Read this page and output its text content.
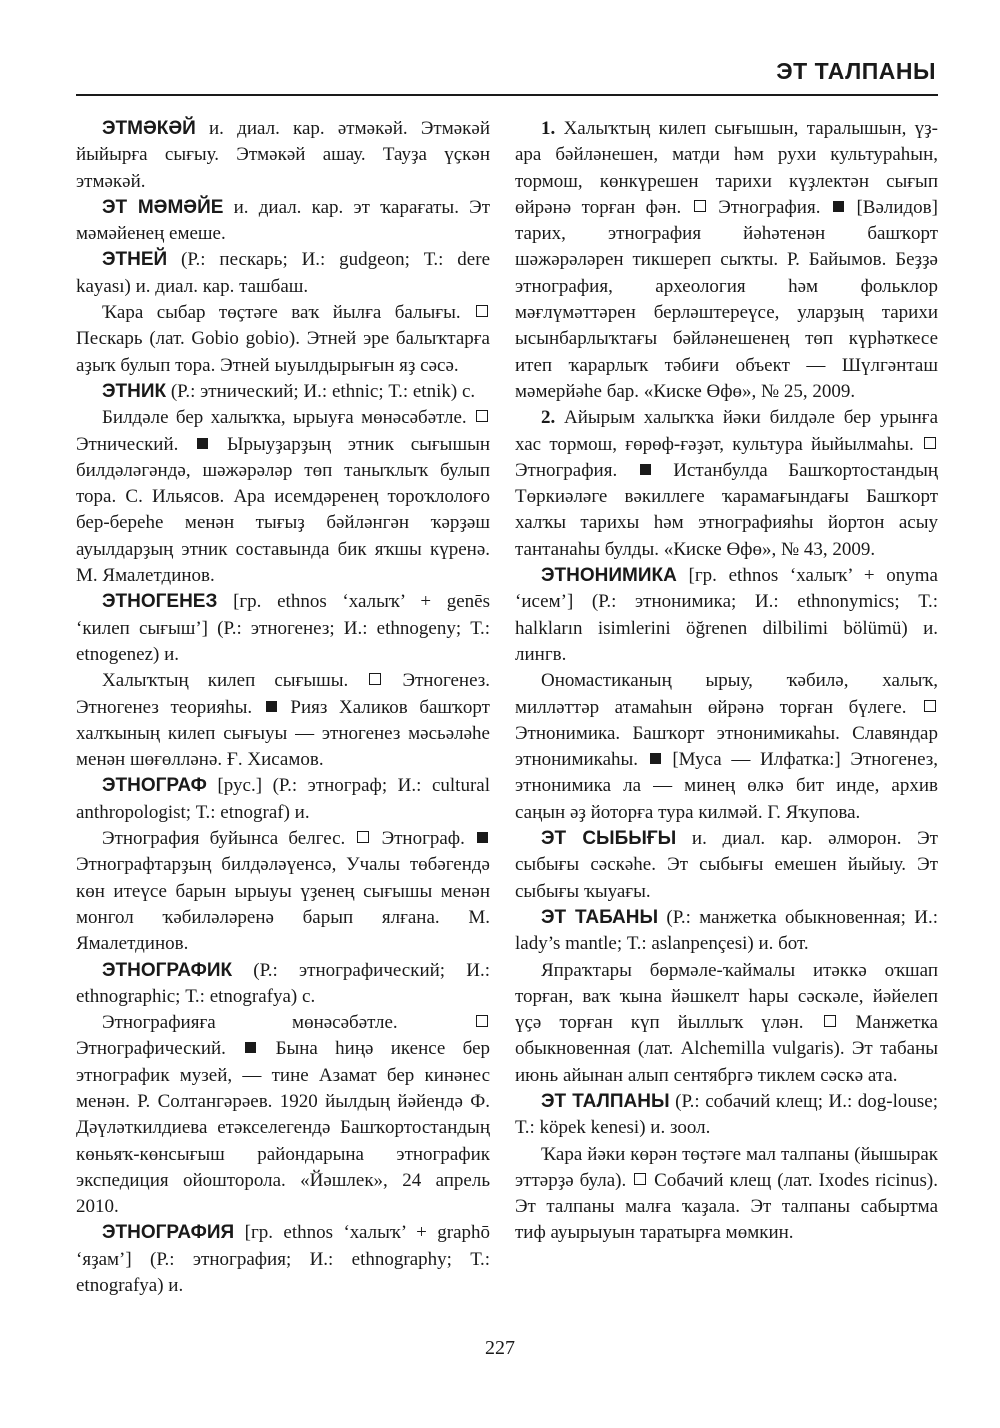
ЭТ ТАЛПАНЫ

ЭТМӘКӘЙ и. диал. кар. әтмәкәй. Этмәкәй йыйырға сығыу. Этмәкәй ашау. Тауҙа үҫкән этмәкәй.

ЭТ МӘМӘЙЕ и. диал. кар. эт ҡарағаты. Эт мәмәйенең емеше.

ЭТНЕЙ (Р.: пескарь; И.: gudgeon; Т.: dere kayası) и. диал. кар. ташбаш.

Ҡара сыбар төҫтәге ваҡ йылға балығы.  Пескарь (лат. Gobio gobio). Этней эре балыҡтарға аҙыҡ булып тора. Этней ыуылдырығын яҙ сәсә.

ЭТНИК (Р.: этнический; И.: ethnic; Т.: etnik) с.

Билдәле бер халыҡҡа, ырыуға мөнәсәбәтле.  Этнический.	Ырыуҙарҙың этник сығышын билдәләгәндә, шәжәрәләр төп таныҡлыҡ булып тора. С. Ильясов. Ара исемдәренең тороҡлолоғо бер-береһе менән тығыҙ бәйләнгән ҡәрҙәш ауылдарҙың этник составында бик яҡшы күренә. М. Ямалетдинов.

ЭТНОГЕНЕЗ [гр. ethnos ‘халыҡ’ + genēs ‘килеп сығыш’] (Р.: этногенез; И.: ethnogeny; Т.: etnogenez) и.

Халыҡтың килеп сығышы.	Этногенез. Этногенез теорияһы. Рияз Халиков башҡорт халҡының килеп сығыуы — этногенез мәсьәләһе менән шөғөлләнә. Ғ. Хисамов.

ЭТНОГРАФ [рус.] (Р.: этнограф; И.: cultural anthropologist; Т.: etnograf) и.

Этнография буйынса белгес. Этнограф.  Этнографтарҙың билдәләүенсә, Учалы төбәгендә көн итеүсе барын ырыуы үҙенең сығышы менән монгол ҡәбиләләренә барып ялғана. М. Ямалетдинов.

ЭТНОГРАФИК (Р.: этнографический; И.: ethnographic; Т.: etnografya) с.

Этнографияға мөнәсәбәтле.  Этнографический.	Бына һиңә икенсе бер этнографик музей, — тине Азамат бер кинәнес менән. Р. Солтангәрәев. 1920 йылдың йәйендә Ф. Дәүләткилдиева етәкселегендә Башҡортостандың көньяҡ-көнсығыш райондарына этнографик экспедиция ойошторола. «Йәшлек», 24 апрель 2010.

ЭТНОГРАФИЯ [гр. ethnos ‘халыҡ’ + graphō ‘яҙам’] (Р.: этнография; И.: ethnography; Т.: etnografya) и.

1. Халыҡтың килеп сығышын, таралышын, үҙ-ара бәйләнешен, матди һәм рухи культураһын, тормош, көнкүрешен тарихи күҙлектән сығып өйрәнә торған фән. Этнография. [Вәлидов] тарих, этнография йәһәтенән башҡорт шәжәрәләрен тикшереп сыҡты. Р. Байымов. Беҙҙә этнография, археология һәм фольклор мәғлүмәттәрен берләштереүсе, уларҙың тарихи ысынбарлыҡтағы бәйләнешенең төп күрһәткесе итеп ҡарарлыҡ тәбиғи объект — Шүлгәнташ мәмерйәһе бар. «Киске Өфө», № 25, 2009.

2. Айырым халыҡҡа йәки билдәле бер урынға хас тормош, ғөрөф-ғәҙәт, культура йыйылмаһы.  Этнография.	Истанбулда Башҡортостандың Төркиәләге вәкиллеге ҡарамағындағы Башҡорт халҡы тарихы һәм этнографияһы йортон асыу тантанаһы булды. «Киске Өфө», № 43, 2009.

ЭТНОНИМИКА [гр. ethnos ‘халыҡ’ + onyma ‘исем’] (Р.: этнонимика; И.: ethnonymics; Т.: halkların isimlerini öğrenen dilbilimi bölümü) и. лингв.

Ономастиканың ырыу, ҡәбилә, халыҡ, милләттәр атамаһын өйрәнә торған бүлеге.  Этнонимика. Башҡорт этнонимикаһы. Славяндар этнонимикаһы. [Муса — Илфатка:] Этногенез, этнонимика ла — минең өлкә бит инде, архив саңын әҙ йоторға тура килмәй. Г. Яҡупова.

ЭТ СЫБЫҒЫ и. диал. кар. әлморон. Эт сыбығы сәскәһе. Эт сыбығы емешен йыйыу. Эт сыбығы ҡыуағы.

ЭТ ТАБАНЫ (Р.: манжетка обыкновенная; И.: lady’s mantle; Т.: aslanpençesi) и. бот.

Япраҡтары бөрмәле-ҡаймалы итәккә оҡшап торған, ваҡ ҡына йәшкелт һары сәскәле, йәйелеп үҫә торған күп йыллыҡ үлән.	Манжетка обыкновенная (лат. Alchemilla vulgaris). Эт табаны июнь айынан алып сентябргә тиклем сәскә ата.

ЭТ ТАЛПАНЫ (Р.: собачий клещ; И.: dog-louse; Т.: köpek kenesi) и. зоол.

Ҡара йәки көрән төҫтәге мал талпаны (йышырак эттәрҙә була). Собачий клещ (лат. Ixodes ricinus). Эт талпаны малға ҡаҙала. Эт талпаны сабыртма тиф ауырыуын таратырға мөмкин.

227
